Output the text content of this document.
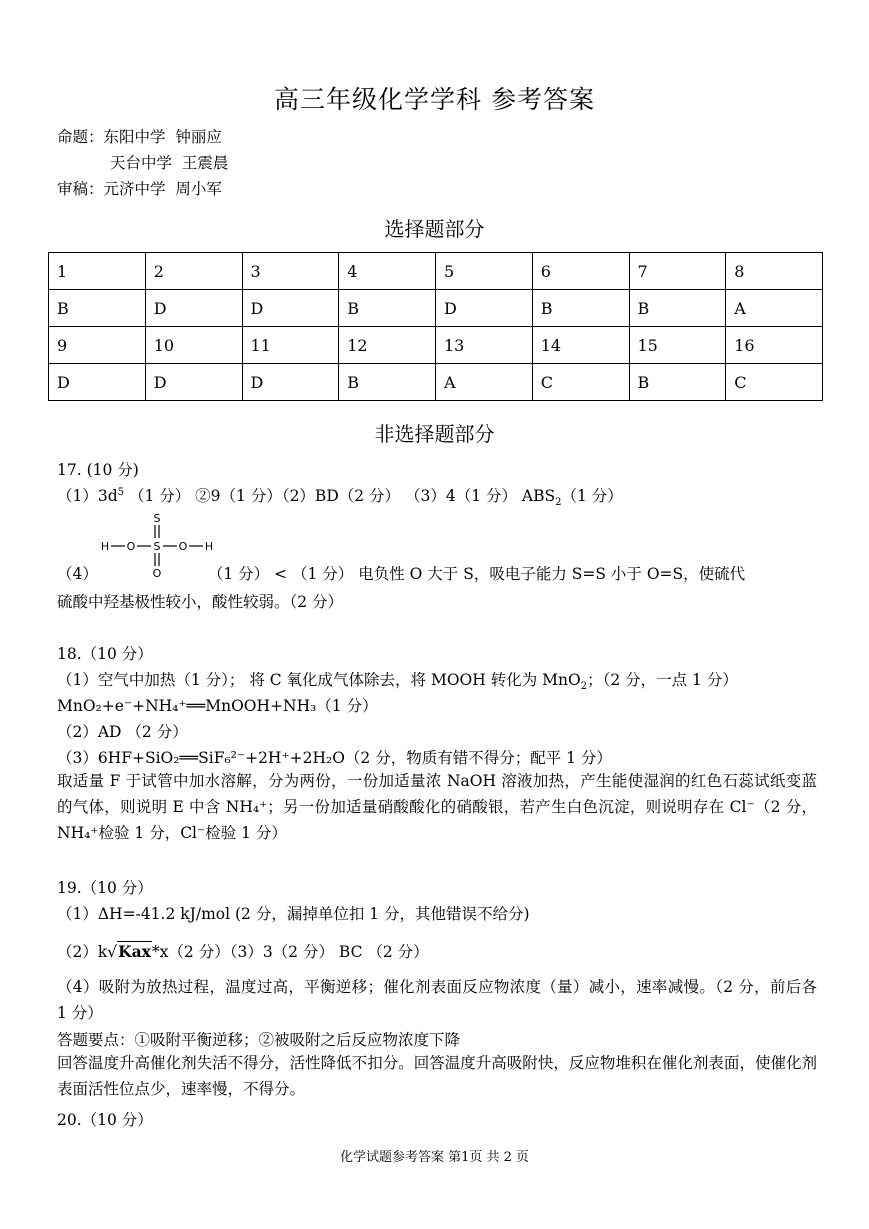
高三年级化学学科 参考答案
命题：东阳中学 钟丽应
天台中学 王震晨
审稿：元济中学 周小军
选择题部分
1	2	3	4	5	6	7	8
B	D	D	B	D	B	B	A
9	10	11	12	13	14	15	16
D	D	D	B	A	C	B	C
非选择题部分
17. (10 分)
$(1)3d^5$ （1 分） ②9（1 分）（2）BD（2 分） （3）4（1 分） $ABS_2(1$ 分）
S
H O S O H
O
（4）	（1 分） < （1 分） 电负性 O 大于 S，吸电子能力 S=S 小于 O=S，使硫代
硫酸中羟基极性较小，酸性较弱。（2 分）
18.（10 分）
（1）空气中加热（1 分）； 将 C 氧化成气体除去，将 MOOH 转化为 MnO$_2$；（2 分，一点 1 分）
MnO₂+e⁻+NH₄⁺══MnOOH+NH₃（1 分）
（2）AD （2 分）
（3）6HF+SiO₂══SiF₆²⁻+2H⁺+2H₂O（2 分，物质有错不得分；配平 1 分）
取适量 F 于试管中加水溶解，分为两份，一份加适量浓 NaOH 溶液加热，产生能使湿润的红色石蕊试纸变蓝的气体，则说明 E 中含 NH₄⁺；另一份加适量硝酸酸化的硝酸银，若产生白色沉淀，则说明存在 Cl⁻（2 分，NH₄⁺检验 1 分，Cl⁻检验 1 分）
19.（10 分）
（1）ΔH=-41.2 kJ/mol (2 分，漏掉单位扣 1 分，其他错误不给分)
（2）k√Kax*x（2 分）（3）3（2 分） BC （2 分）
（4）吸附为放热过程，温度过高，平衡逆移；催化剂表面反应物浓度（量）减小，速率减慢。（2 分，前后各 1 分）
答题要点：①吸附平衡逆移；②被吸附之后反应物浓度下降
回答温度升高催化剂失活不得分，活性降低不扣分。回答温度升高吸附快，反应物堆积在催化剂表面，使催化剂表面活性位点少，速率慢，不得分。
20.（10 分）
化学试题参考答案 第1页 共 2 页
